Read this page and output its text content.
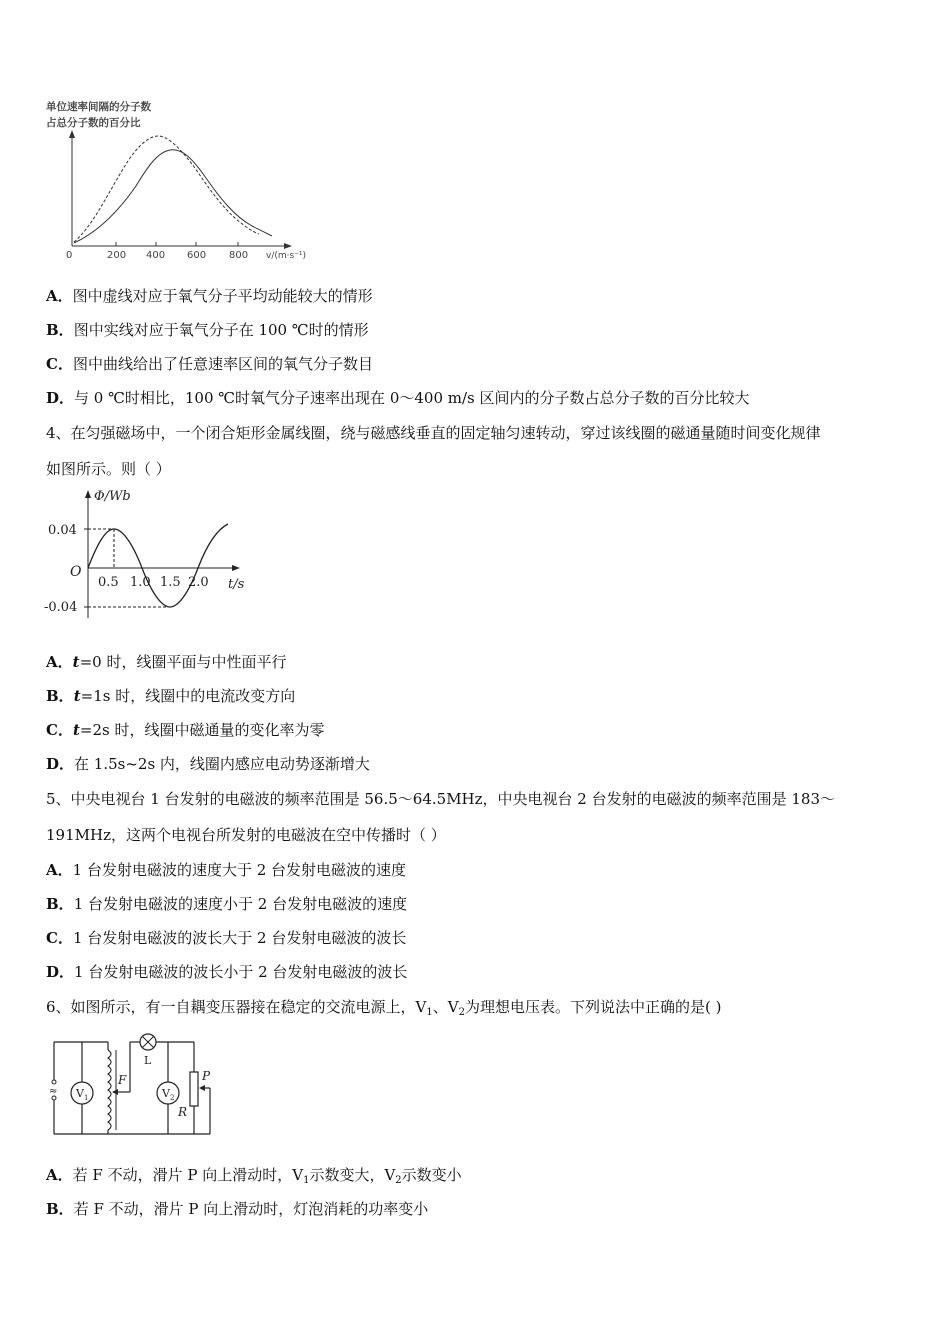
单位速率间隔的分子数
占总分子数的百分比
0	200 400 600 800 v/(m·s⁻¹)
A．图中虚线对应于氧气分子平均动能较大的情形
B．图中实线对应于氧气分子在 100 ℃时的情形
C．图中曲线给出了任意速率区间的氧气分子数目
D．与 0 ℃时相比，100 ℃时氧气分子速率出现在 0～400 m/s 区间内的分子数占总分子数的百分比较大
4、在匀强磁场中，一个闭合矩形金属线圈，绕与磁感线垂直的固定轴匀速转动，穿过该线圈的磁通量随时间变化规律
如图所示。则（ ）
Φ/Wb
t/s
O
0.04
-0.04
0.5 1.0 1.5 2.0
A．t=0 时，线圈平面与中性面平行
B．t=1s 时，线圈中的电流改变方向
C．t=2s 时，线圈中磁通量的变化率为零
D．在 1.5s~2s 内，线圈内感应电动势逐渐增大
5、中央电视台 1 台发射的电磁波的频率范围是 56.5～64.5MHz，中央电视台 2 台发射的电磁波的频率范围是 183～
191MHz，这两个电视台所发射的电磁波在空中传播时（ ）
A．1 台发射电磁波的速度大于 2 台发射电磁波的速度
B．1 台发射电磁波的速度小于 2 台发射电磁波的速度
C．1 台发射电磁波的波长大于 2 台发射电磁波的波长
D．1 台发射电磁波的波长小于 2 台发射电磁波的波长
6、如图所示，有一自耦变压器接在稳定的交流电源上，$V_1$、$V_2$为理想电压表。下列说法中正确的是( )
≈ $V_1$
F
L
$V_2$
R
P
A．若 F 不动，滑片 P 向上滑动时，$V_1$示数变大，$V_2$示数变小
B．若 F 不动，滑片 P 向上滑动时，灯泡消耗的功率变小
